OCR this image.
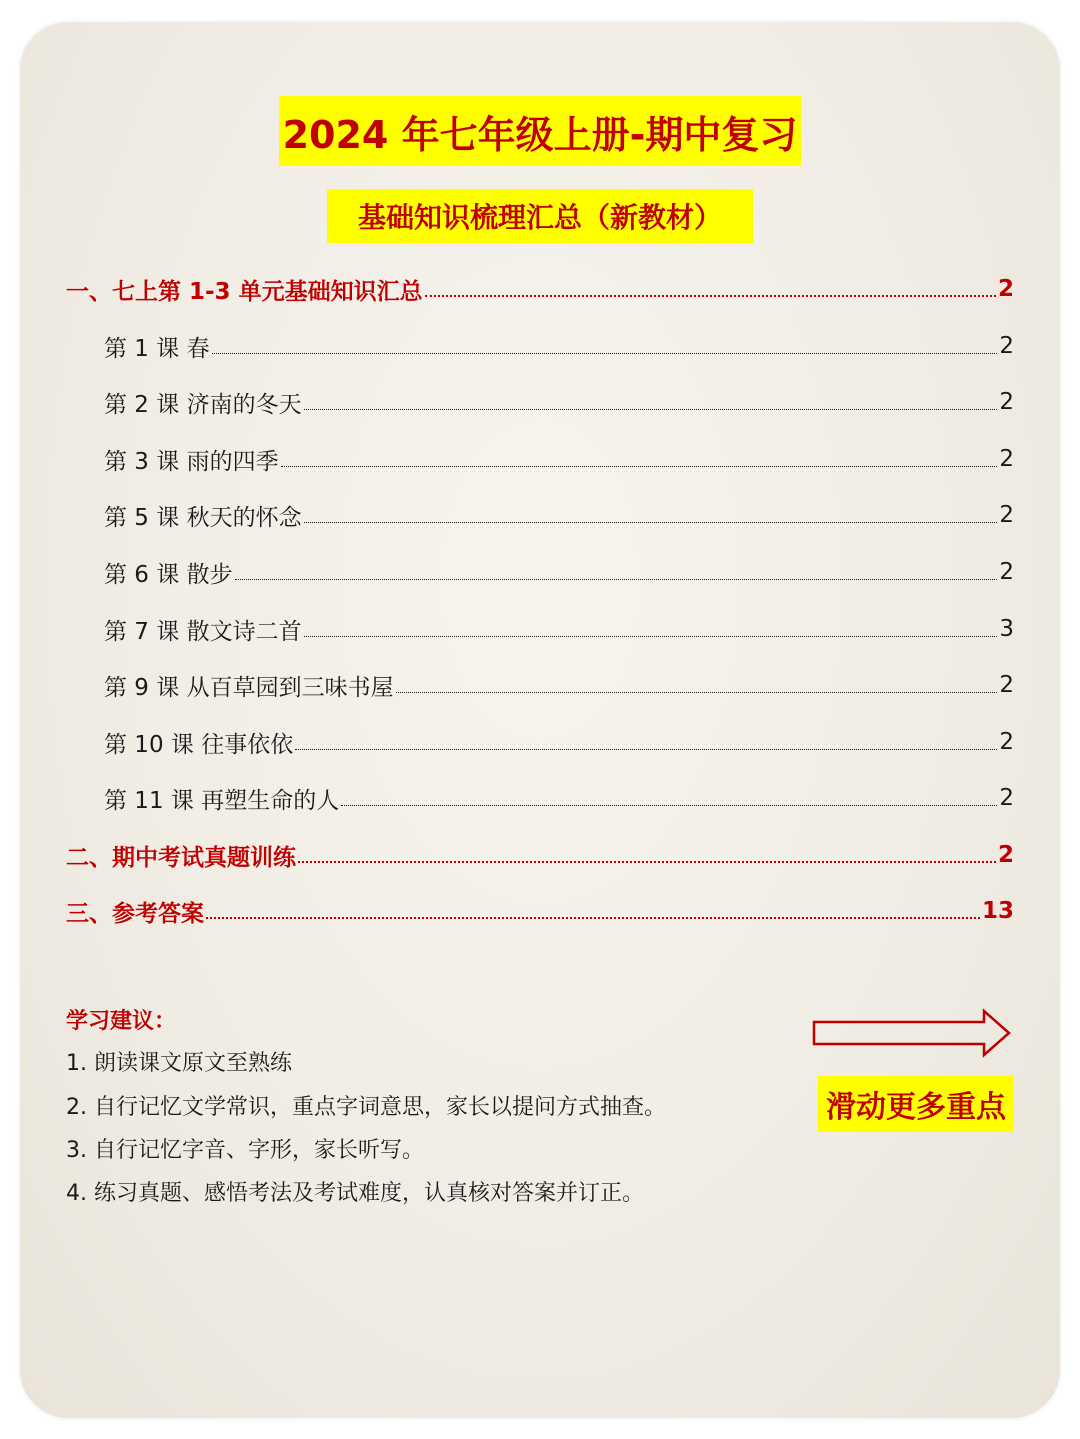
2024 年七年级上册-期中复习
基础知识梳理汇总（新教材）
一、七上第 1-3 单元基础知识汇总	2
第 1 课 春	2
第 2 课 济南的冬天	2
第 3 课 雨的四季	2
第 5 课 秋天的怀念	2
第 6 课 散步	2
第 7 课 散文诗二首	3
第 9 课 从百草园到三味书屋	2
第 10 课 往事依依	2
第 11 课 再塑生命的人	2
二、期中考试真题训练	2
三、参考答案	13
学习建议：
1. 朗读课文原文至熟练
2. 自行记忆文学常识，重点字词意思，家长以提问方式抽查。
3. 自行记忆字音、字形，家长听写。
4. 练习真题、感悟考法及考试难度，认真核对答案并订正。
滑动更多重点
